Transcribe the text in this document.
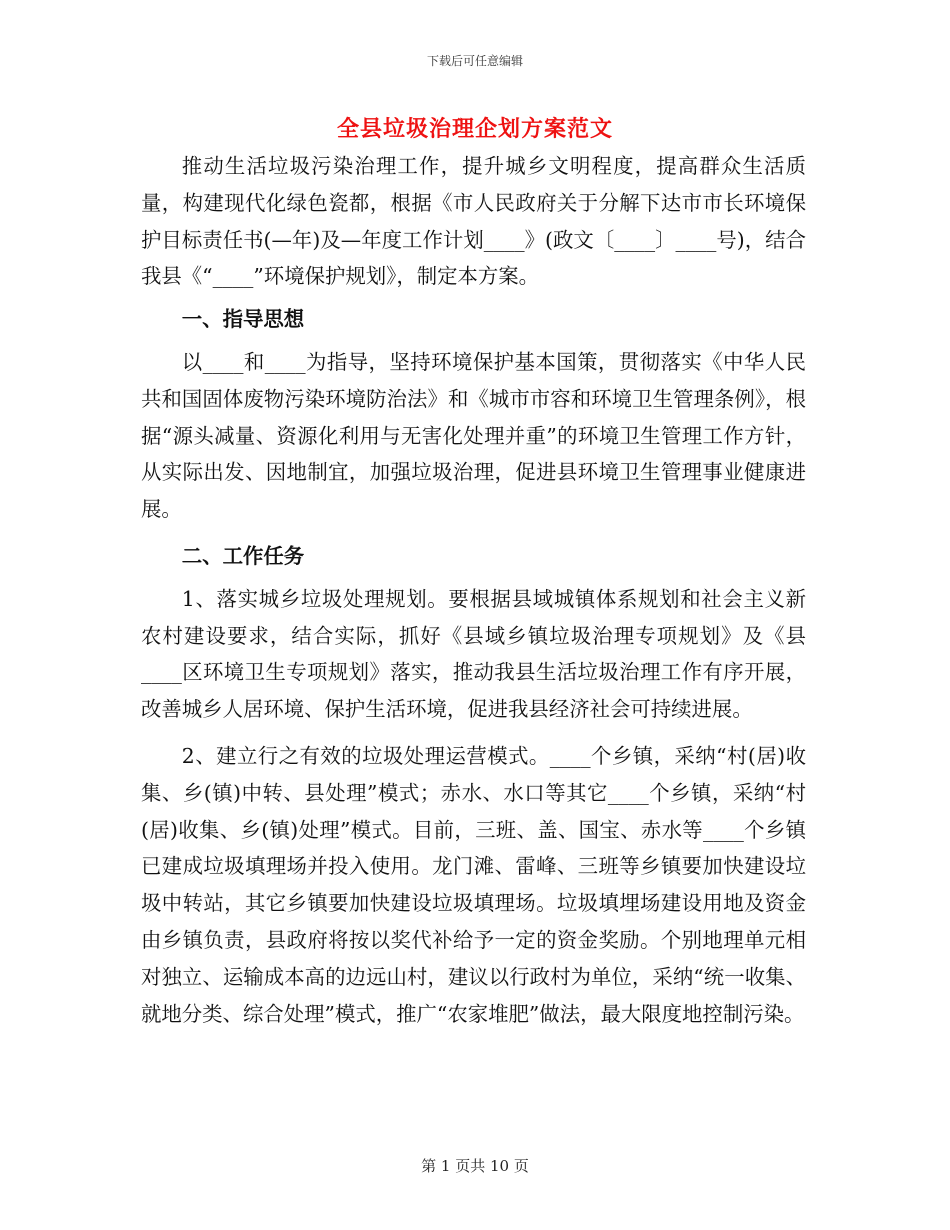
下载后可任意编辑
全县垃圾治理企划方案范文

推动生活垃圾污染治理工作，提升城乡文明程度，提高群众生活质量，构建现代化绿色瓷都，根据《市人民政府关于分解下达市市长环境保护目标责任书(—年)及—年度工作计划____》(政文〔____〕____号)，结合我县《“____”环境保护规划》，制定本方案。

一、指导思想

以____和____为指导，坚持环境保护基本国策，贯彻落实《中华人民共和国固体废物污染环境防治法》和《城市市容和环境卫生管理条例》，根据“源头减量、资源化利用与无害化处理并重”的环境卫生管理工作方针，从实际出发、因地制宜，加强垃圾治理，促进县环境卫生管理事业健康进展。

二、工作任务

1、落实城乡垃圾处理规划。要根据县域城镇体系规划和社会主义新农村建设要求，结合实际，抓好《县域乡镇垃圾治理专项规划》及《县____区环境卫生专项规划》落实，推动我县生活垃圾治理工作有序开展，改善城乡人居环境、保护生活环境，促进我县经济社会可持续进展。

2、建立行之有效的垃圾处理运营模式。____个乡镇，采纳“村(居)收集、乡(镇)中转、县处理”模式；赤水、水口等其它____个乡镇，采纳“村(居)收集、乡(镇)处理”模式。目前，三班、盖、国宝、赤水等____个乡镇已建成垃圾填理场并投入使用。龙门滩、雷峰、三班等乡镇要加快建设垃圾中转站，其它乡镇要加快建设垃圾填理场。垃圾填埋场建设用地及资金由乡镇负责，县政府将按以奖代补给予一定的资金奖励。个别地理单元相对独立、运输成本高的边远山村，建议以行政村为单位，采纳“统一收集、就地分类、综合处理”模式，推广“农家堆肥”做法，最大限度地控制污染。

第 1 页共 10 页
